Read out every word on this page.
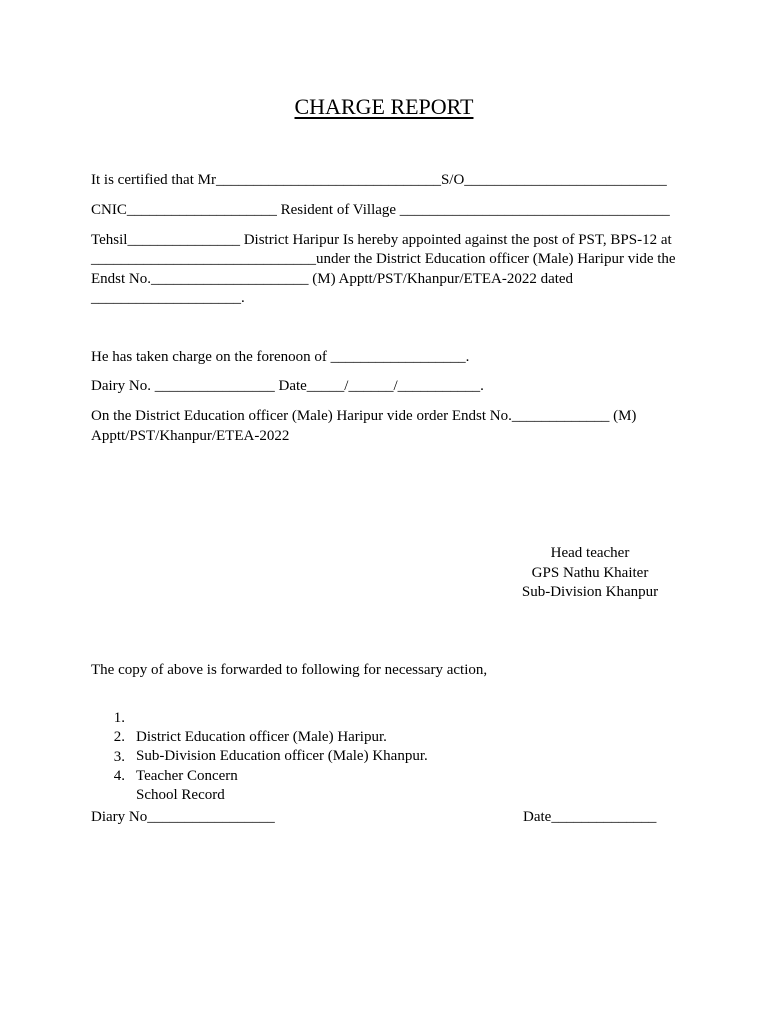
CHARGE REPORT
It is certified that Mr______________________________S/O___________________________
CNIC____________________ Resident of Village ____________________________________
Tehsil_______________ District Haripur Is hereby appointed against the post of PST, BPS-12 at
______________________________under the District Education officer (Male) Haripur vide the
Endst No._____________________ (M) Apptt/PST/Khanpur/ETEA-2022 dated
____________________.
He has taken charge on the forenoon of __________________.
Dairy No. ________________ Date_____/______/___________.
On the District Education officer (Male) Haripur vide order Endst No._____________ (M)
Apptt/PST/Khanpur/ETEA-2022
Head teacher
GPS Nathu Khaiter
Sub-Division Khanpur
The copy of above is forwarded to following for necessary action,

1.

District Education officer (Male) Haripur.

2.

Sub-Division Education officer (Male) Khanpur.

3.

Teacher Concern

4.

School Record

Diary No_________________	Date______________
